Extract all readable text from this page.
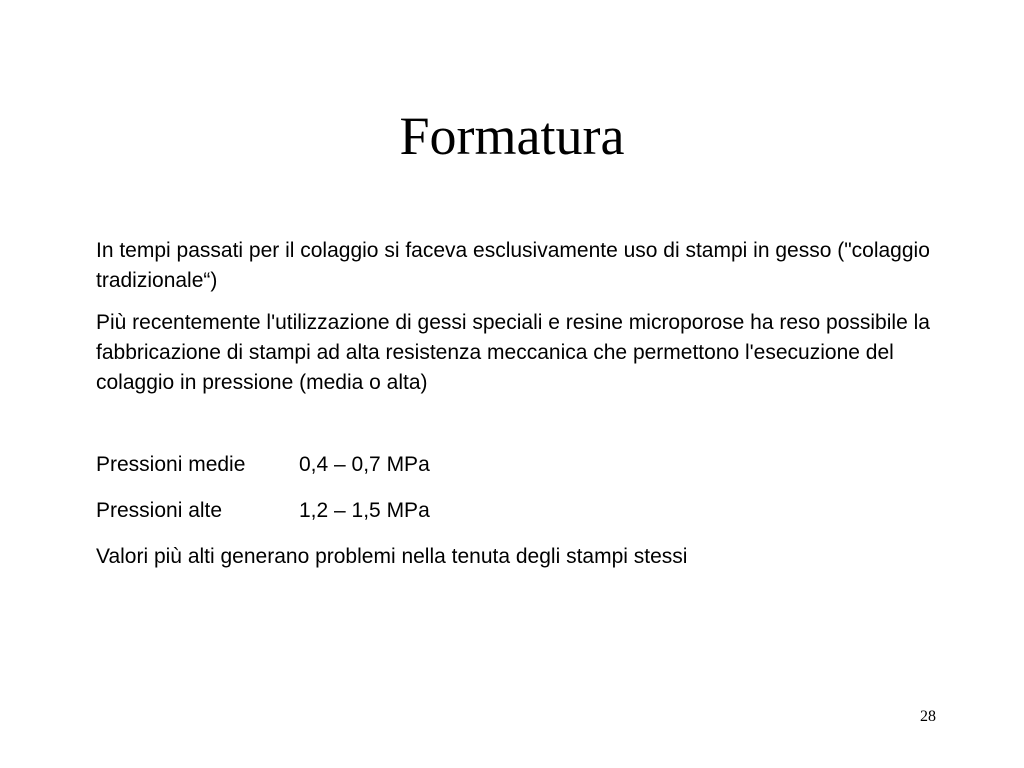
Formatura

In tempi passati per il colaggio si faceva esclusivamente uso di stampi in gesso ("colaggio tradizionale“)

Più recentemente l'utilizzazione di gessi speciali e resine microporose ha reso possibile la fabbricazione di stampi ad alta resistenza meccanica che permettono l'esecuzione del colaggio in pressione (media o alta)

Pressioni medie	0,4 – 0,7 MPa
Pressioni alte	1,2 – 1,5 MPa

Valori più alti generano problemi nella tenuta degli stampi stessi

28
